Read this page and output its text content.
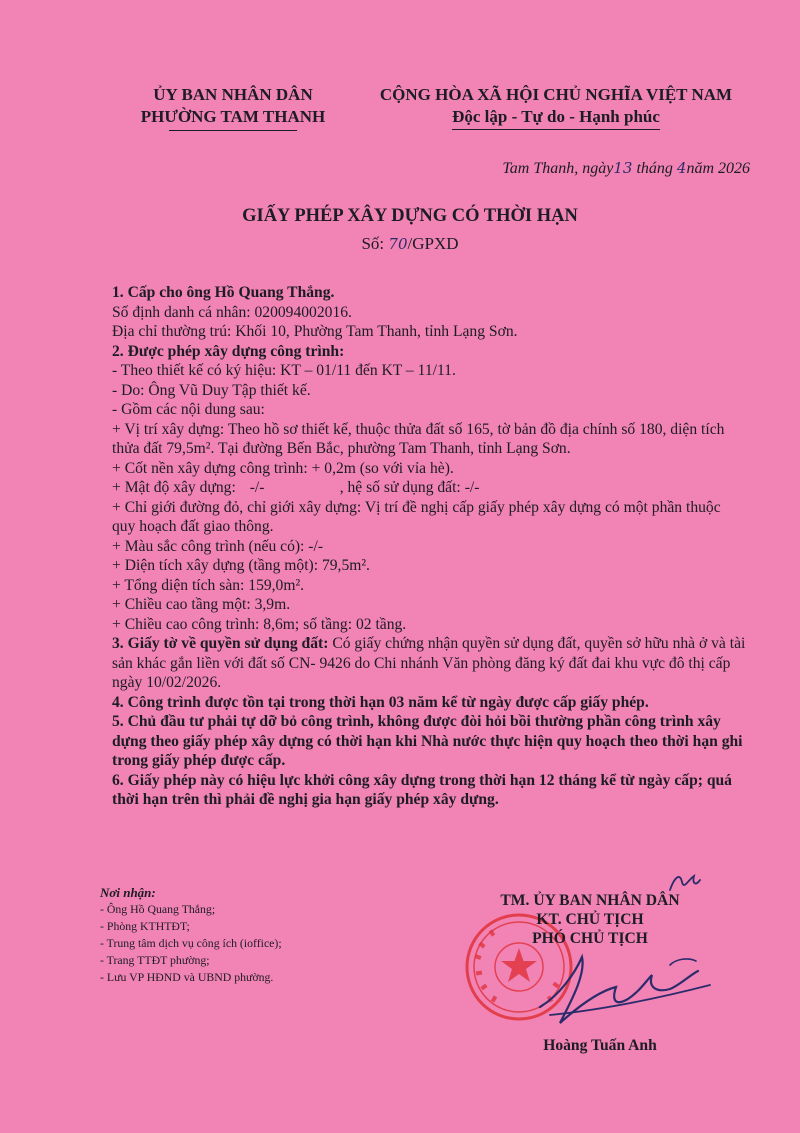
ỦY BAN NHÂN DÂN
PHƯỜNG TAM THANH
CỘNG HÒA XÃ HỘI CHỦ NGHĨA VIỆT NAM
Độc lập - Tự do - Hạnh phúc
Tam Thanh, ngày13 tháng 4năm 2026
GIẤY PHÉP XÂY DỰNG CÓ THỜI HẠN
Số: 70/GPXD

1. Cấp cho ông Hồ Quang Thắng.

Số định danh cá nhân: 020094002016.

Địa chỉ thường trú: Khối 10, Phường Tam Thanh, tỉnh Lạng Sơn.

2. Được phép xây dựng công trình:

- Theo thiết kế có ký hiệu: KT – 01/11 đến KT – 11/11.

- Do: Ông Vũ Duy Tập thiết kế.

- Gồm các nội dung sau:

+ Vị trí xây dựng: Theo hồ sơ thiết kế, thuộc thửa đất số 165, tờ bản đồ địa chính số 180, diện tích thửa đất 79,5m². Tại đường Bến Bắc, phường Tam Thanh, tỉnh Lạng Sơn.

+ Cốt nền xây dựng công trình: + 0,2m (so với vỉa hè).

+ Mật độ xây dựng: -/-	, hệ số sử dụng đất: -/-

+ Chỉ giới đường đỏ, chỉ giới xây dựng: Vị trí đề nghị cấp giấy phép xây dựng có một phần thuộc quy hoạch đất giao thông.

+ Màu sắc công trình (nếu có): -/-

+ Diện tích xây dựng (tầng một): 79,5m².

+ Tổng diện tích sàn: 159,0m².

+ Chiều cao tầng một: 3,9m.

+ Chiều cao công trình: 8,6m; số tầng: 02 tầng.

3. Giấy tờ về quyền sử dụng đất: Có giấy chứng nhận quyền sử dụng đất, quyền sở hữu nhà ở và tài sản khác gắn liền với đất số CN- 9426 do Chi nhánh Văn phòng đăng ký đất đai khu vực đô thị cấp ngày 10/02/2026.

4. Công trình được tồn tại trong thời hạn 03 năm kể từ ngày được cấp giấy phép.

5. Chủ đầu tư phải tự dỡ bỏ công trình, không được đòi hỏi bồi thường phần công trình xây dựng theo giấy phép xây dựng có thời hạn khi Nhà nước thực hiện quy hoạch theo thời hạn ghi trong giấy phép được cấp.

6. Giấy phép này có hiệu lực khởi công xây dựng trong thời hạn 12 tháng kể từ ngày cấp; quá thời hạn trên thì phải đề nghị gia hạn giấy phép xây dựng.

Nơi nhận:

- Ông Hồ Quang Thắng;

- Phòng KTHTĐT;

- Trung tâm dịch vụ công ích (ioffice);

- Trang TTĐT phường;

- Lưu VP HĐND và UBND phường.

TM. ỦY BAN NHÂN DÂN
KT. CHỦ TỊCH
PHÓ CHỦ TỊCH
Hoàng Tuấn Anh
